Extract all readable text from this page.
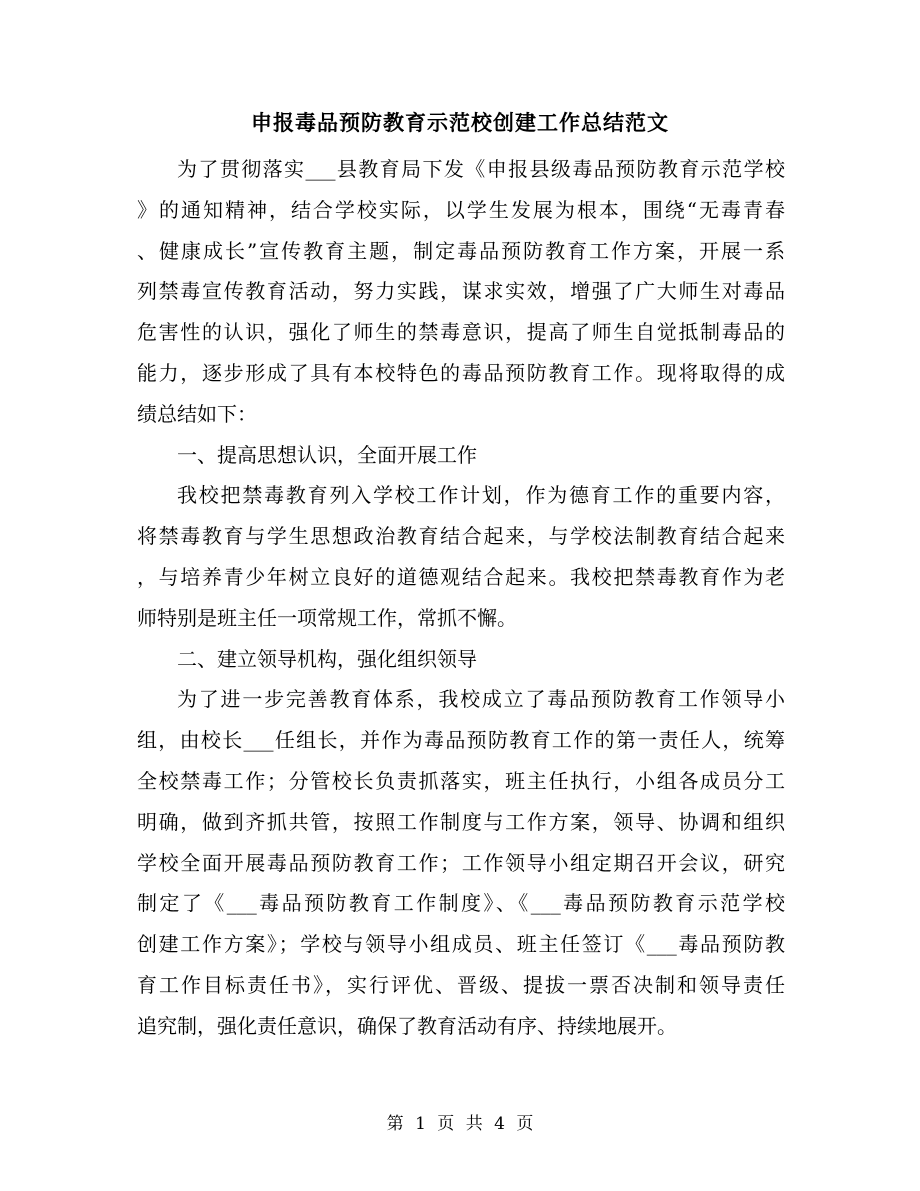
申报毒品预防教育示范校创建工作总结范文
为了贯彻落实___县教育局下发《申报县级毒品预防教育示范学校
》的通知精神，结合学校实际，以学生发展为根本，围绕“无毒青春
、健康成长”宣传教育主题，制定毒品预防教育工作方案，开展一系
列禁毒宣传教育活动，努力实践，谋求实效，增强了广大师生对毒品
危害性的认识，强化了师生的禁毒意识，提高了师生自觉抵制毒品的
能力，逐步形成了具有本校特色的毒品预防教育工作。现将取得的成
绩总结如下：
一、提高思想认识，全面开展工作
我校把禁毒教育列入学校工作计划，作为德育工作的重要内容，
将禁毒教育与学生思想政治教育结合起来，与学校法制教育结合起来
，与培养青少年树立良好的道德观结合起来。我校把禁毒教育作为老
师特别是班主任一项常规工作，常抓不懈。
二、建立领导机构，强化组织领导
为了进一步完善教育体系，我校成立了毒品预防教育工作领导小
组，由校长___任组长，并作为毒品预防教育工作的第一责任人，统筹
全校禁毒工作；分管校长负责抓落实，班主任执行，小组各成员分工
明确，做到齐抓共管，按照工作制度与工作方案，领导、协调和组织
学校全面开展毒品预防教育工作；工作领导小组定期召开会议，研究
制定了《___毒品预防教育工作制度》、《___毒品预防教育示范学校
创建工作方案》；学校与领导小组成员、班主任签订《___毒品预防教
育工作目标责任书》，实行评优、晋级、提拔一票否决制和领导责任
追究制，强化责任意识，确保了教育活动有序、持续地展开。
第 1 页 共 4 页
